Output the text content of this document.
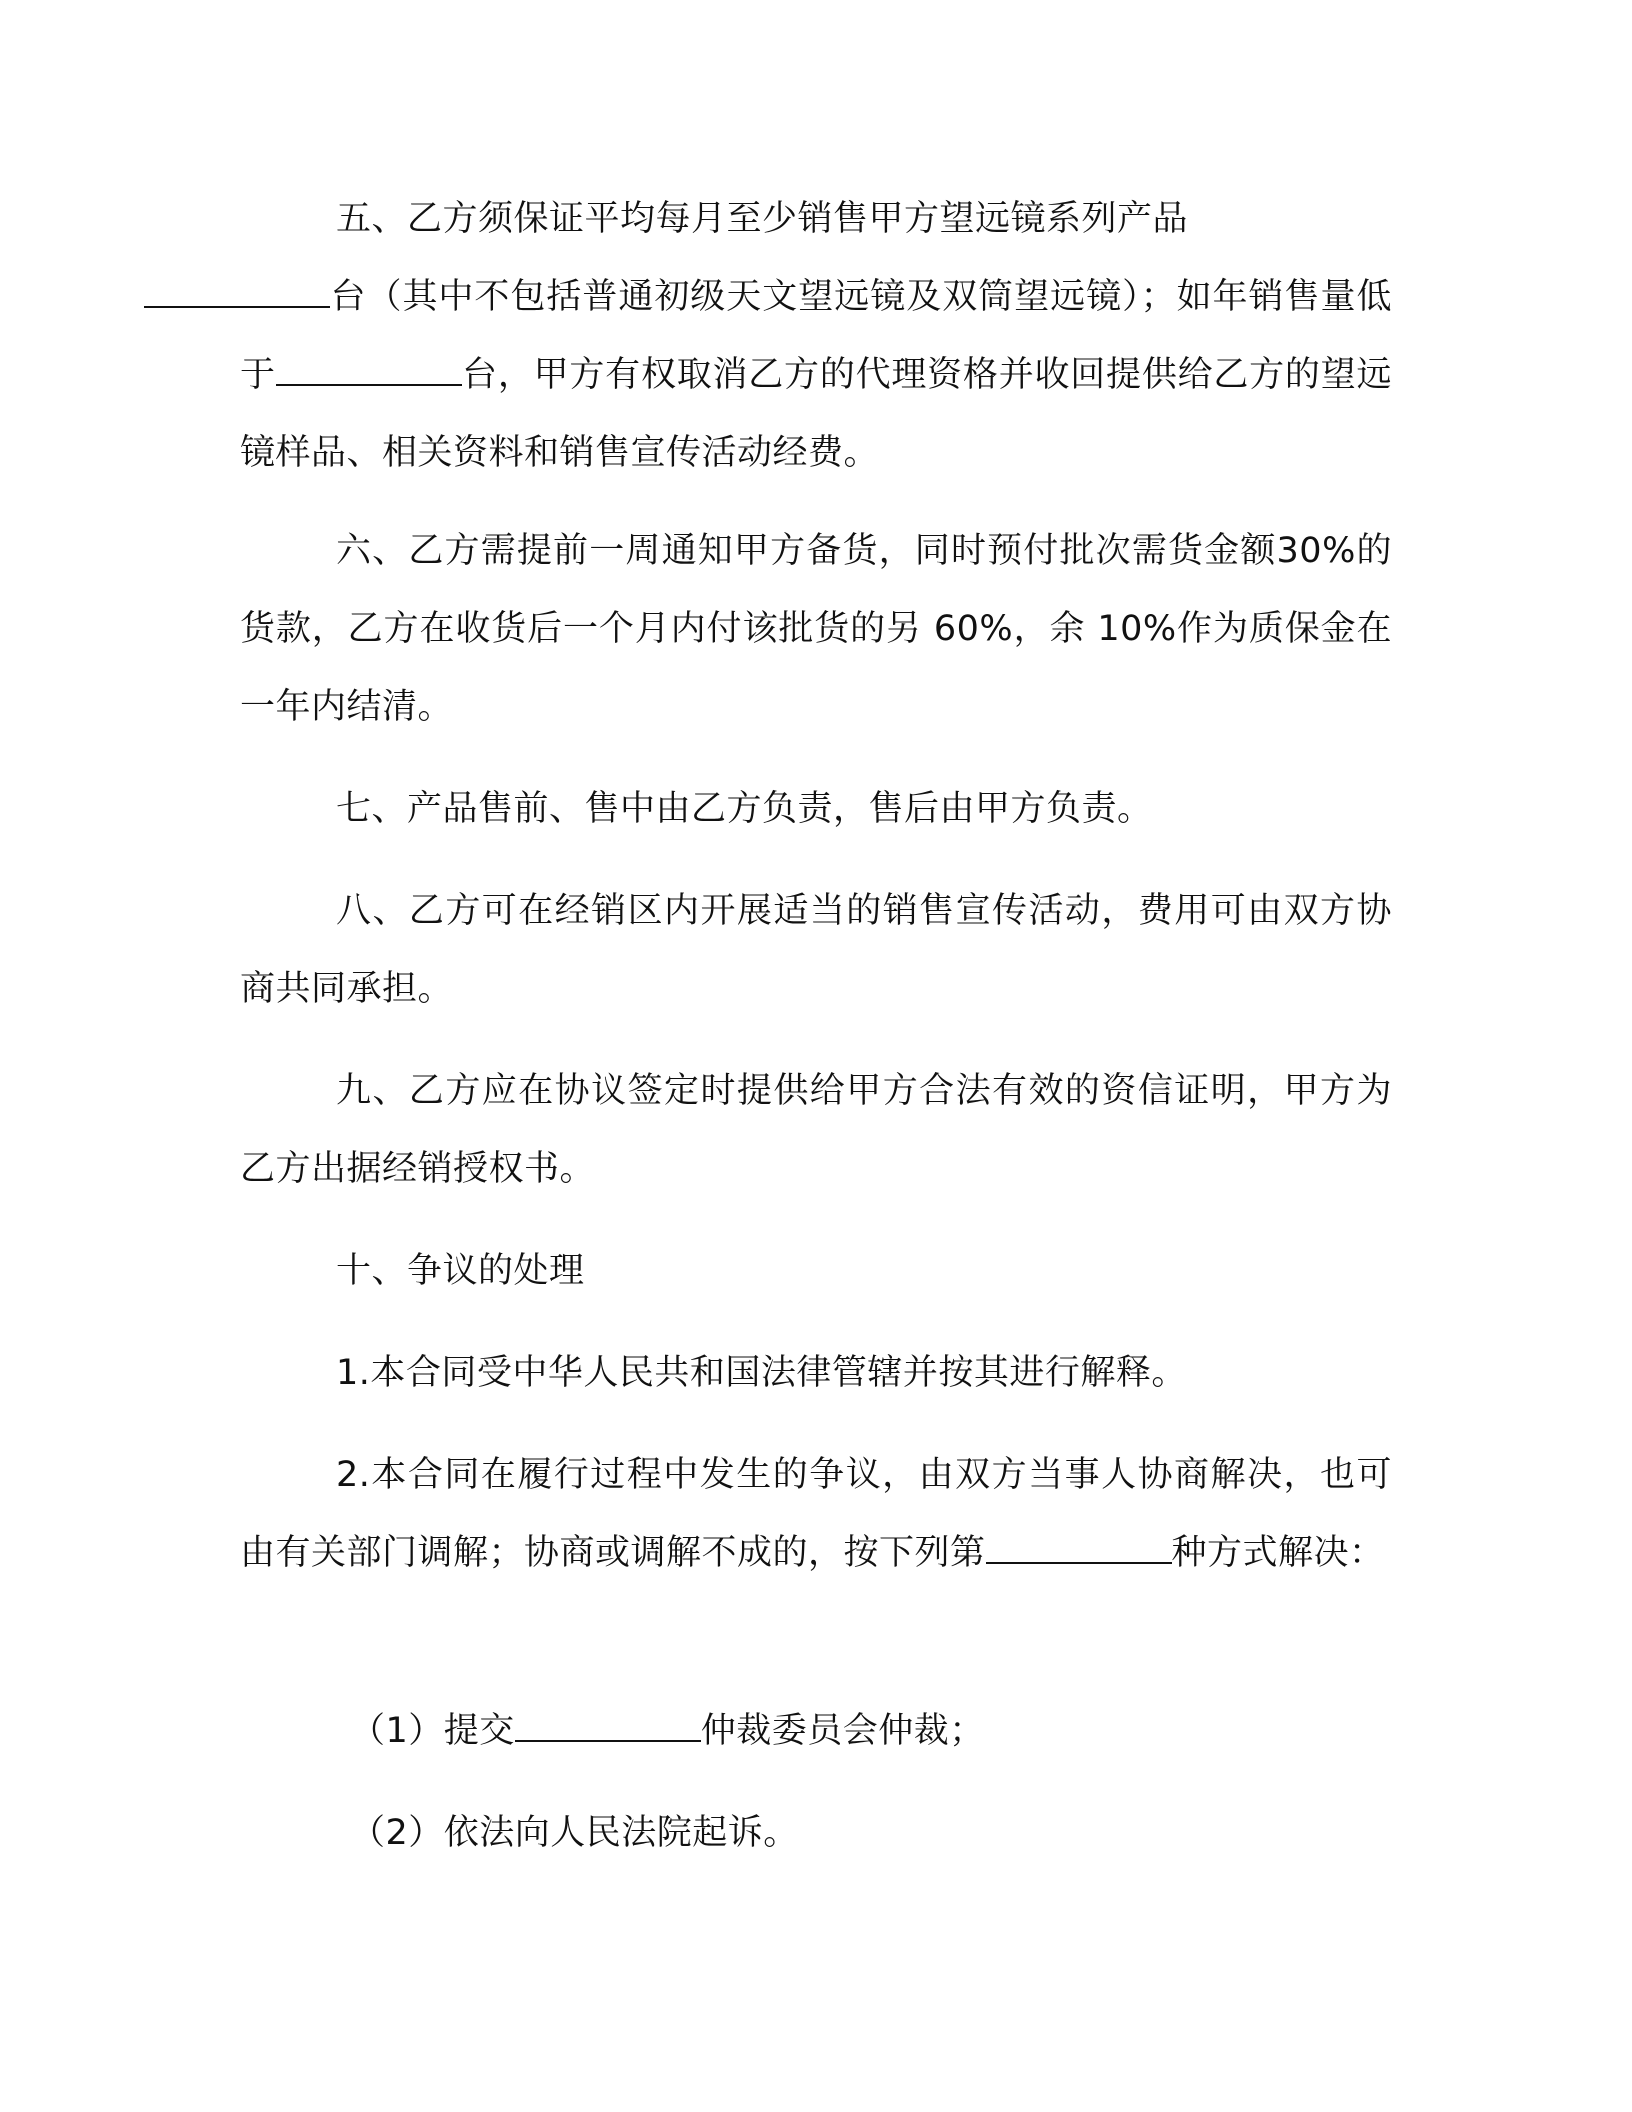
五、乙方须保证平均每月至少销售甲方望远镜系列产品
台（其中不包括普通初级天文望远镜及双筒望远镜）；如年销售量低于	台，甲方有权取消乙方的代理资格并收回提供给乙方的望远镜样品、相关资料和销售宣传活动经费。

六、乙方需提前一周通知甲方备货，同时预付批次需货金额30%的货款，乙方在收货后一个月内付该批货的另 60%，余 10%作为质保金在一年内结清。

七、产品售前、售中由乙方负责，售后由甲方负责。

八、乙方可在经销区内开展适当的销售宣传活动，费用可由双方协商共同承担。

九、乙方应在协议签定时提供给甲方合法有效的资信证明，甲方为乙方出据经销授权书。

十、争议的处理

1.本合同受中华人民共和国法律管辖并按其进行解释。

2.本合同在履行过程中发生的争议，由双方当事人协商解决，也可由有关部门调解；协商或调解不成的，按下列第	种方式解决：

（1）提交	仲裁委员会仲裁；

（2）依法向人民法院起诉。
